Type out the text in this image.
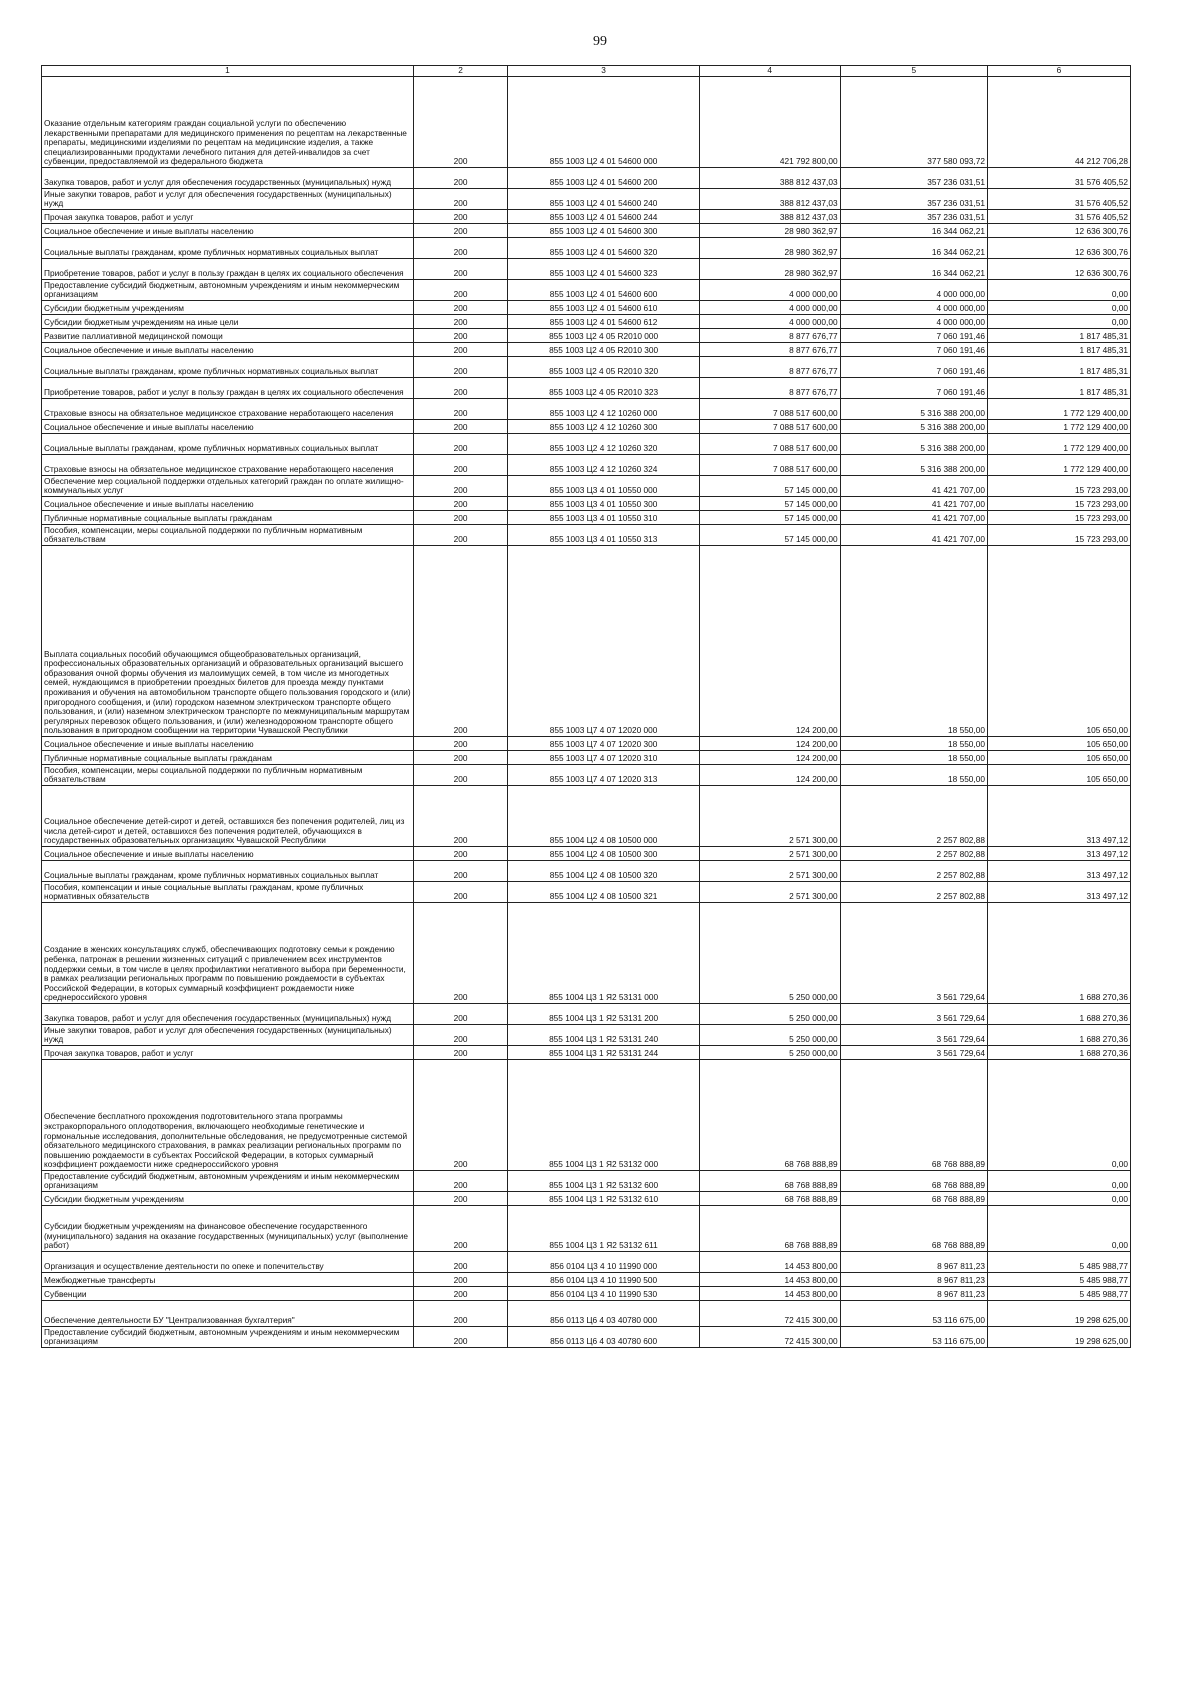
99
1	2	3	4	5	6
Оказание отдельным категориям граждан социальной услуги по обеспечению лекарственными препаратами для медицинского применения по рецептам на лекарственные препараты, медицинскими изделиями по рецептам на медицинские изделия, а также специализированными продуктами лечебного питания для детей-инвалидов за счет субвенции, предоставляемой из федерального бюджета	200	855 1003 Ц2 4 01 54600 000	421 792 800,00	377 580 093,72	44 212 706,28
Закупка товаров, работ и услуг для обеспечения государственных (муниципальных) нужд	200	855 1003 Ц2 4 01 54600 200	388 812 437,03	357 236 031,51	31 576 405,52
Иные закупки товаров, работ и услуг для обеспечения государственных (муниципальных) нужд	200	855 1003 Ц2 4 01 54600 240	388 812 437,03	357 236 031,51	31 576 405,52
Прочая закупка товаров, работ и услуг	200	855 1003 Ц2 4 01 54600 244	388 812 437,03	357 236 031,51	31 576 405,52
Социальное обеспечение и иные выплаты населению	200	855 1003 Ц2 4 01 54600 300	28 980 362,97	16 344 062,21	12 636 300,76
Социальные выплаты гражданам, кроме публичных нормативных социальных выплат	200	855 1003 Ц2 4 01 54600 320	28 980 362,97	16 344 062,21	12 636 300,76
Приобретение товаров, работ и услуг в пользу граждан в целях их социального обеспечения	200	855 1003 Ц2 4 01 54600 323	28 980 362,97	16 344 062,21	12 636 300,76
Предоставление субсидий бюджетным, автономным учреждениям и иным некоммерческим организациям	200	855 1003 Ц2 4 01 54600 600	4 000 000,00	4 000 000,00	0,00
Субсидии бюджетным учреждениям	200	855 1003 Ц2 4 01 54600 610	4 000 000,00	4 000 000,00	0,00
Субсидии бюджетным учреждениям на иные цели	200	855 1003 Ц2 4 01 54600 612	4 000 000,00	4 000 000,00	0,00
Развитие паллиативной медицинской помощи	200	855 1003 Ц2 4 05 R2010 000	8 877 676,77	7 060 191,46	1 817 485,31
Социальное обеспечение и иные выплаты населению	200	855 1003 Ц2 4 05 R2010 300	8 877 676,77	7 060 191,46	1 817 485,31
Социальные выплаты гражданам, кроме публичных нормативных социальных выплат	200	855 1003 Ц2 4 05 R2010 320	8 877 676,77	7 060 191,46	1 817 485,31
Приобретение товаров, работ и услуг в пользу граждан в целях их социального обеспечения	200	855 1003 Ц2 4 05 R2010 323	8 877 676,77	7 060 191,46	1 817 485,31
Страховые взносы на обязательное медицинское страхование неработающего населения	200	855 1003 Ц2 4 12 10260 000	7 088 517 600,00	5 316 388 200,00	1 772 129 400,00
Социальное обеспечение и иные выплаты населению	200	855 1003 Ц2 4 12 10260 300	7 088 517 600,00	5 316 388 200,00	1 772 129 400,00
Социальные выплаты гражданам, кроме публичных нормативных социальных выплат	200	855 1003 Ц2 4 12 10260 320	7 088 517 600,00	5 316 388 200,00	1 772 129 400,00
Страховые взносы на обязательное медицинское страхование неработающего населения	200	855 1003 Ц2 4 12 10260 324	7 088 517 600,00	5 316 388 200,00	1 772 129 400,00
Обеспечение мер социальной поддержки отдельных категорий граждан по оплате жилищно-коммунальных услуг	200	855 1003 Ц3 4 01 10550 000	57 145 000,00	41 421 707,00	15 723 293,00
Социальное обеспечение и иные выплаты населению	200	855 1003 Ц3 4 01 10550 300	57 145 000,00	41 421 707,00	15 723 293,00
Публичные нормативные социальные выплаты гражданам	200	855 1003 Ц3 4 01 10550 310	57 145 000,00	41 421 707,00	15 723 293,00
Пособия, компенсации, меры социальной поддержки по публичным нормативным обязательствам	200	855 1003 Ц3 4 01 10550 313	57 145 000,00	41 421 707,00	15 723 293,00
Выплата социальных пособий обучающимся общеобразовательных организаций, профессиональных образовательных организаций и образовательных организаций высшего образования очной формы обучения из малоимущих семей, в том числе из многодетных семей, нуждающимся в приобретении проездных билетов для проезда между пунктами проживания и обучения на автомобильном транспорте общего пользования городского и (или) пригородного сообщения, и (или) городском наземном электрическом транспорте общего пользования, и (или) наземном электрическом транспорте по межмуниципальным маршрутам регулярных перевозок общего пользования, и (или) железнодорожном транспорте общего пользования в пригородном сообщении на территории Чувашской Республики	200	855 1003 Ц7 4 07 12020 000	124 200,00	18 550,00	105 650,00
Социальное обеспечение и иные выплаты населению	200	855 1003 Ц7 4 07 12020 300	124 200,00	18 550,00	105 650,00
Публичные нормативные социальные выплаты гражданам	200	855 1003 Ц7 4 07 12020 310	124 200,00	18 550,00	105 650,00
Пособия, компенсации, меры социальной поддержки по публичным нормативным обязательствам	200	855 1003 Ц7 4 07 12020 313	124 200,00	18 550,00	105 650,00
Социальное обеспечение детей-сирот и детей, оставшихся без попечения родителей, лиц из числа детей-сирот и детей, оставшихся без попечения родителей, обучающихся в государственных образовательных организациях Чувашской Республики	200	855 1004 Ц2 4 08 10500 000	2 571 300,00	2 257 802,88	313 497,12
Социальное обеспечение и иные выплаты населению	200	855 1004 Ц2 4 08 10500 300	2 571 300,00	2 257 802,88	313 497,12
Социальные выплаты гражданам, кроме публичных нормативных социальных выплат	200	855 1004 Ц2 4 08 10500 320	2 571 300,00	2 257 802,88	313 497,12
Пособия, компенсации и иные социальные выплаты гражданам, кроме публичных нормативных обязательств	200	855 1004 Ц2 4 08 10500 321	2 571 300,00	2 257 802,88	313 497,12
Создание в женских консультациях служб, обеспечивающих подготовку семьи к рождению ребенка, патронаж в решении жизненных ситуаций с привлечением всех инструментов поддержки семьи, в том числе в целях профилактики негативного выбора при беременности, в рамках реализации региональных программ по повышению рождаемости в субъектах Российской Федерации, в которых суммарный коэффициент рождаемости ниже среднероссийского уровня	200	855 1004 Ц3 1 Я2 53131 000	5 250 000,00	3 561 729,64	1 688 270,36
Закупка товаров, работ и услуг для обеспечения государственных (муниципальных) нужд	200	855 1004 Ц3 1 Я2 53131 200	5 250 000,00	3 561 729,64	1 688 270,36
Иные закупки товаров, работ и услуг для обеспечения государственных (муниципальных) нужд	200	855 1004 Ц3 1 Я2 53131 240	5 250 000,00	3 561 729,64	1 688 270,36
Прочая закупка товаров, работ и услуг	200	855 1004 Ц3 1 Я2 53131 244	5 250 000,00	3 561 729,64	1 688 270,36
Обеспечение бесплатного прохождения подготовительного этапа программы экстракорпорального оплодотворения, включающего необходимые генетические и гормональные исследования, дополнительные обследования, не предусмотренные системой обязательного медицинского страхования, в рамках реализации региональных программ по повышению рождаемости в субъектах Российской Федерации, в которых суммарный коэффициент рождаемости ниже среднероссийского уровня	200	855 1004 Ц3 1 Я2 53132 000	68 768 888,89	68 768 888,89	0,00
Предоставление субсидий бюджетным, автономным учреждениям и иным некоммерческим организациям	200	855 1004 Ц3 1 Я2 53132 600	68 768 888,89	68 768 888,89	0,00
Субсидии бюджетным учреждениям	200	855 1004 Ц3 1 Я2 53132 610	68 768 888,89	68 768 888,89	0,00
Субсидии бюджетным учреждениям на финансовое обеспечение государственного (муниципального) задания на оказание государственных (муниципальных) услуг (выполнение работ)	200	855 1004 Ц3 1 Я2 53132 611	68 768 888,89	68 768 888,89	0,00
Организация и осуществление деятельности по опеке и попечительству	200	856 0104 Ц3 4 10 11990 000	14 453 800,00	8 967 811,23	5 485 988,77
Межбюджетные трансферты	200	856 0104 Ц3 4 10 11990 500	14 453 800,00	8 967 811,23	5 485 988,77
Субвенции	200	856 0104 Ц3 4 10 11990 530	14 453 800,00	8 967 811,23	5 485 988,77
Обеспечение деятельности БУ "Централизованная бухгалтерия"	200	856 0113 Ц6 4 03 40780 000	72 415 300,00	53 116 675,00	19 298 625,00
Предоставление субсидий бюджетным, автономным учреждениям и иным некоммерческим организациям	200	856 0113 Ц6 4 03 40780 600	72 415 300,00	53 116 675,00	19 298 625,00
